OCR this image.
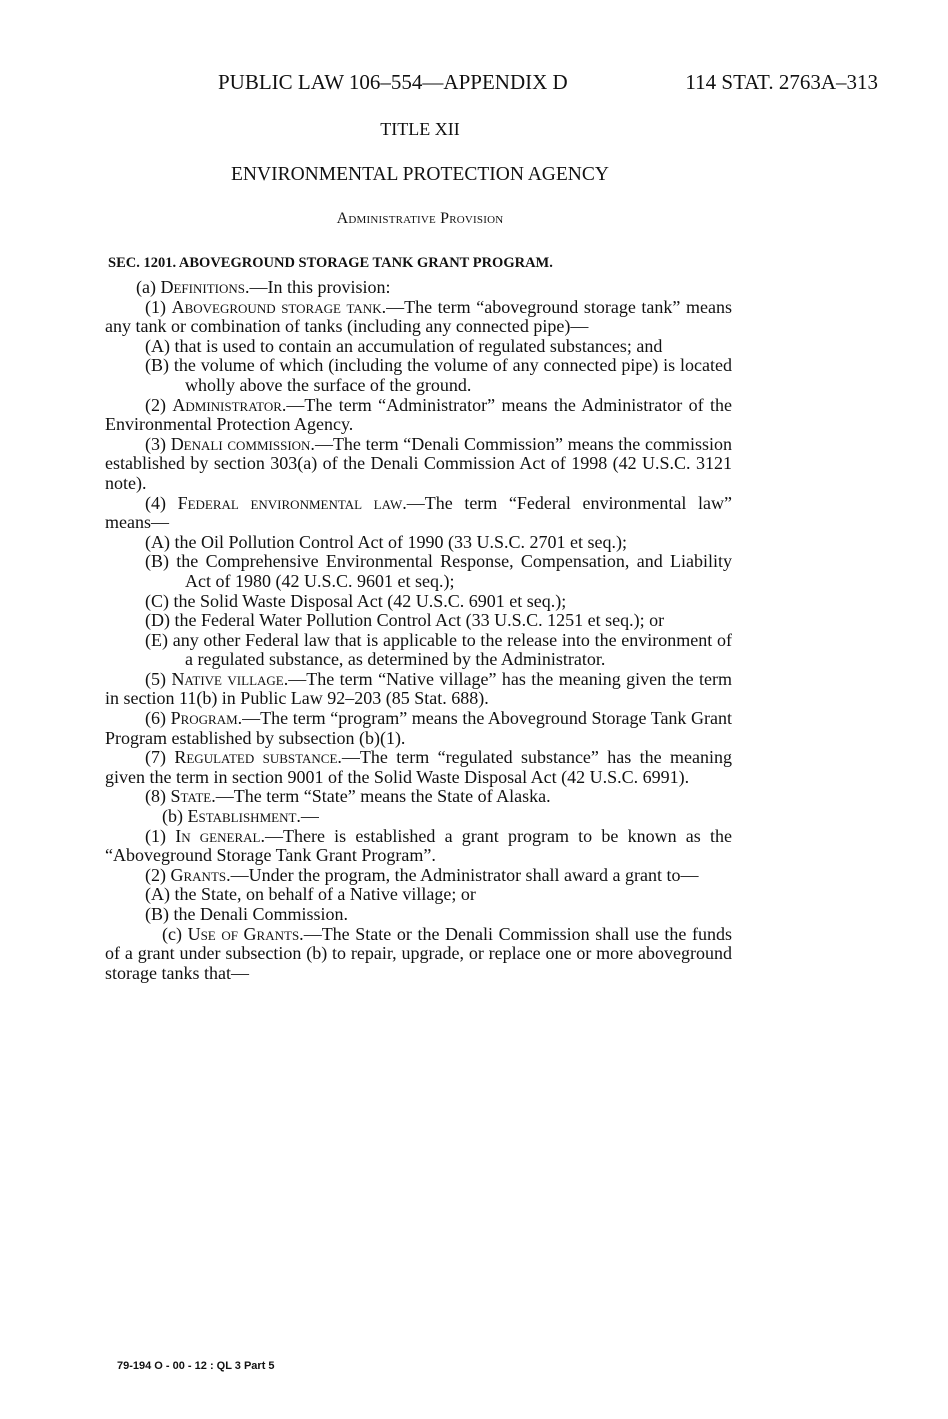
PUBLIC LAW 106–554—APPENDIX D	114 STAT. 2763A–313
TITLE XII
ENVIRONMENTAL PROTECTION AGENCY
Administrative Provision
SEC. 1201. ABOVEGROUND STORAGE TANK GRANT PROGRAM.

(a) Definitions.—In this provision:

(1) Aboveground storage tank.—The term “aboveground storage tank” means any tank or combination of tanks (including any connected pipe)—

(A) that is used to contain an accumulation of regulated substances; and

(B) the volume of which (including the volume of any connected pipe) is located wholly above the surface of the ground.

(2) Administrator.—The term “Administrator” means the Administrator of the Environmental Protection Agency.

(3) Denali commission.—The term “Denali Commission” means the commission established by section 303(a) of the Denali Commission Act of 1998 (42 U.S.C. 3121 note).

(4) Federal environmental law.—The term “Federal environmental law” means—

(A) the Oil Pollution Control Act of 1990 (33 U.S.C. 2701 et seq.);

(B) the Comprehensive Environmental Response, Compensation, and Liability Act of 1980 (42 U.S.C. 9601 et seq.);

(C) the Solid Waste Disposal Act (42 U.S.C. 6901 et seq.);

(D) the Federal Water Pollution Control Act (33 U.S.C. 1251 et seq.); or

(E) any other Federal law that is applicable to the release into the environment of a regulated substance, as determined by the Administrator.

(5) Native village.—The term “Native village” has the meaning given the term in section 11(b) in Public Law 92–203 (85 Stat. 688).

(6) Program.—The term “program” means the Aboveground Storage Tank Grant Program established by subsection (b)(1).

(7) Regulated substance.—The term “regulated substance” has the meaning given the term in section 9001 of the Solid Waste Disposal Act (42 U.S.C. 6991).

(8) State.—The term “State” means the State of Alaska.

(b) Establishment.—

(1) In general.—There is established a grant program to be known as the “Aboveground Storage Tank Grant Program”.

(2) Grants.—Under the program, the Administrator shall award a grant to—

(A) the State, on behalf of a Native village; or

(B) the Denali Commission.

(c) Use of Grants.—The State or the Denali Commission shall use the funds of a grant under subsection (b) to repair, upgrade, or replace one or more aboveground storage tanks that—

79-194 O - 00 - 12 : QL 3 Part 5
